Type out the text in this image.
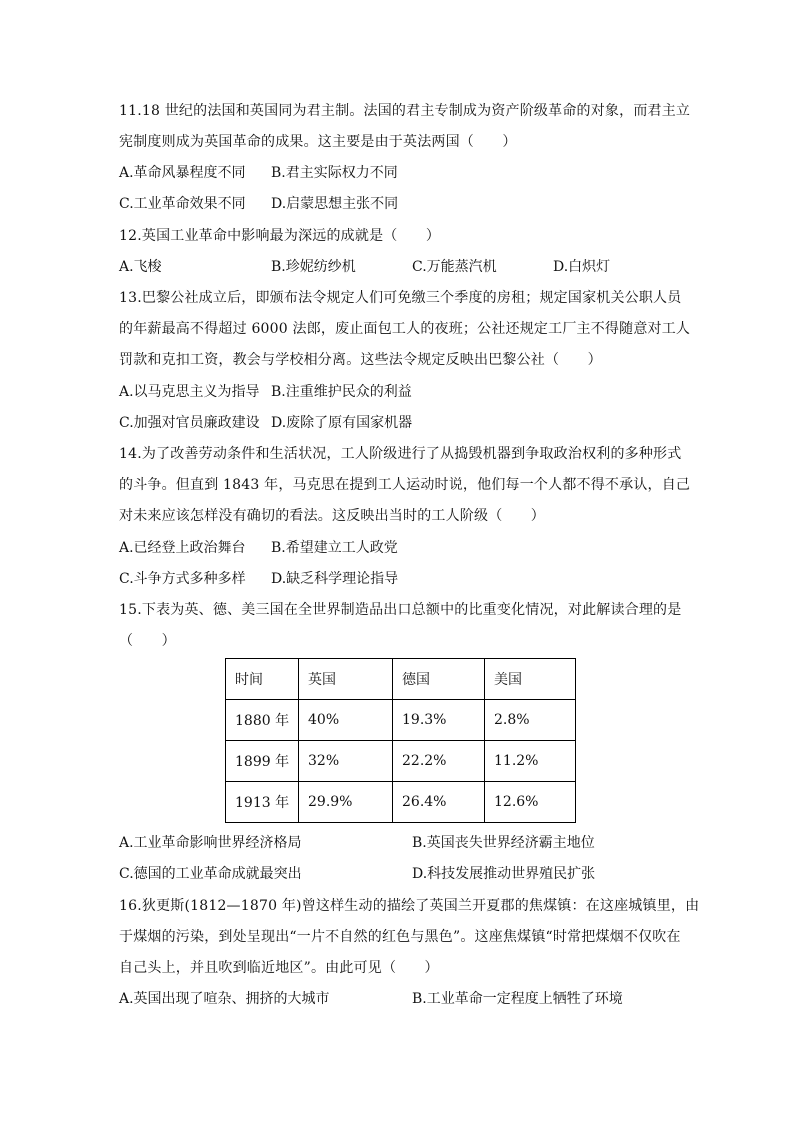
11.18 世纪的法国和英国同为君主制。法国的君主专制成为资产阶级革命的对象，而君主立
宪制度则成为英国革命的成果。这主要是由于英法两国（　　）
A.革命风暴程度不同 B.君主实际权力不同
C.工业革命效果不同 D.启蒙思想主张不同
12.英国工业革命中影响最为深远的成就是（　　）
A.飞梭	B.珍妮纺纱机	C.万能蒸汽机	D.白炽灯
13.巴黎公社成立后，即颁布法令规定人们可免缴三个季度的房租；规定国家机关公职人员
的年薪最高不得超过 6000 法郎，废止面包工人的夜班；公社还规定工厂主不得随意对工人
罚款和克扣工资，教会与学校相分离。这些法令规定反映出巴黎公社（　　）
A.以马克思主义为指导 B.注重维护民众的利益
C.加强对官员廉政建设 D.废除了原有国家机器
14.为了改善劳动条件和生活状况，工人阶级进行了从捣毁机器到争取政治权利的多种形式
的斗争。但直到 1843 年，马克思在提到工人运动时说，他们每一个人都不得不承认，自己
对未来应该怎样没有确切的看法。这反映出当时的工人阶级（　　）
A.已经登上政治舞台 B.希望建立工人政党
C.斗争方式多种多样 D.缺乏科学理论指导
15.下表为英、德、美三国在全世界制造品出口总额中的比重变化情况，对此解读合理的是
（　　）
时间	英国	德国	美国
1880 年	40%	19.3%	2.8%
1899 年	32%	22.2%	11.2%
1913 年	29.9%	26.4%	12.6%
A.工业革命影响世界经济格局	B.英国丧失世界经济霸主地位
C.德国的工业革命成就最突出	D.科技发展推动世界殖民扩张
16.狄更斯(1812—1870 年)曾这样生动的描绘了英国兰开夏郡的焦煤镇：在这座城镇里，由
于煤烟的污染，到处呈现出“一片不自然的红色与黑色”。这座焦煤镇“时常把煤烟不仅吹在
自己头上，并且吹到临近地区”。由此可见（　　）
A.英国出现了喧杂、拥挤的大城市	B.工业革命一定程度上牺牲了环境
